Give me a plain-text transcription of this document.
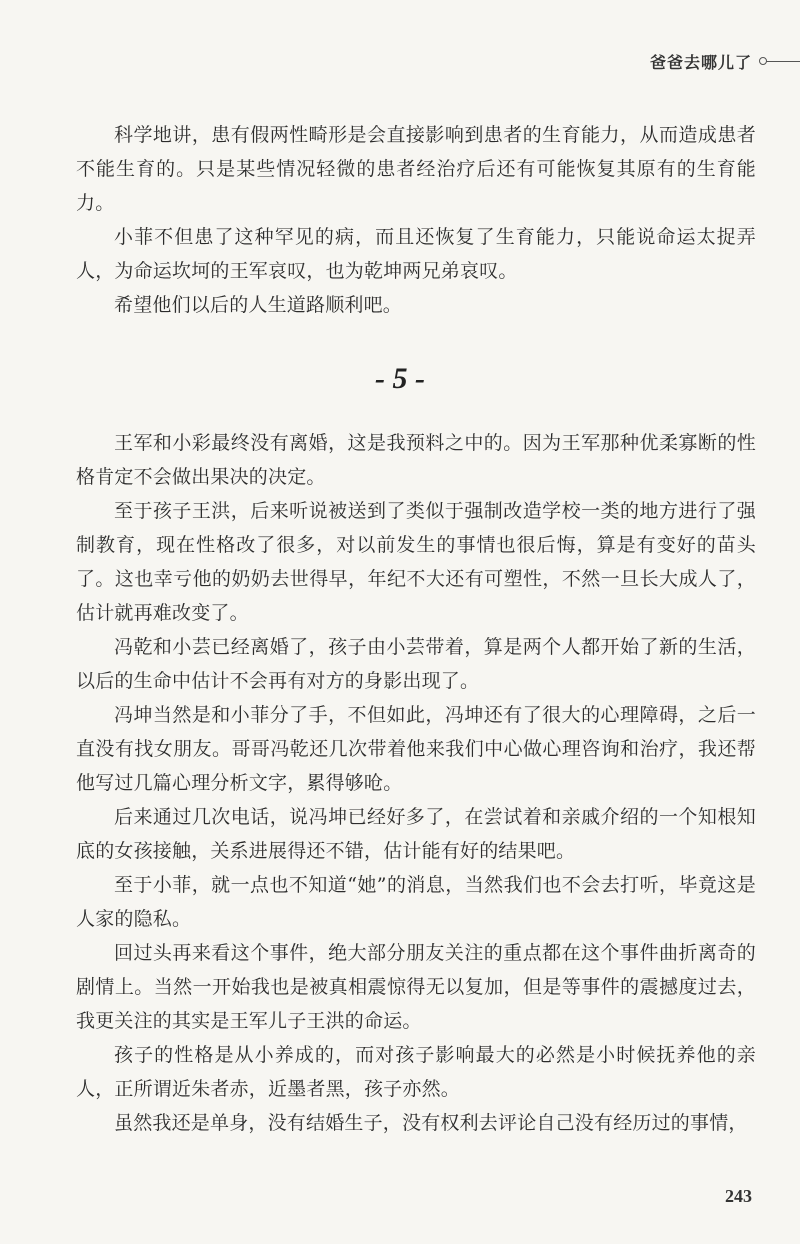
爸爸去哪儿了

科学地讲，患有假两性畸形是会直接影响到患者的生育能力，从而造成患者不能生育的。只是某些情况轻微的患者经治疗后还有可能恢复其原有的生育能力。

小菲不但患了这种罕见的病，而且还恢复了生育能力，只能说命运太捉弄人，为命运坎坷的王军哀叹，也为乾坤两兄弟哀叹。

希望他们以后的人生道路顺利吧。

- 5 -

王军和小彩最终没有离婚，这是我预料之中的。因为王军那种优柔寡断的性格肯定不会做出果决的决定。

至于孩子王洪，后来听说被送到了类似于强制改造学校一类的地方进行了强制教育，现在性格改了很多，对以前发生的事情也很后悔，算是有变好的苗头了。这也幸亏他的奶奶去世得早，年纪不大还有可塑性，不然一旦长大成人了，估计就再难改变了。

冯乾和小芸已经离婚了，孩子由小芸带着，算是两个人都开始了新的生活，以后的生命中估计不会再有对方的身影出现了。

冯坤当然是和小菲分了手，不但如此，冯坤还有了很大的心理障碍，之后一直没有找女朋友。哥哥冯乾还几次带着他来我们中心做心理咨询和治疗，我还帮他写过几篇心理分析文字，累得够呛。

后来通过几次电话，说冯坤已经好多了，在尝试着和亲戚介绍的一个知根知底的女孩接触，关系进展得还不错，估计能有好的结果吧。

至于小菲，就一点也不知道“她”的消息，当然我们也不会去打听，毕竟这是人家的隐私。

回过头再来看这个事件，绝大部分朋友关注的重点都在这个事件曲折离奇的剧情上。当然一开始我也是被真相震惊得无以复加，但是等事件的震撼度过去，我更关注的其实是王军儿子王洪的命运。

孩子的性格是从小养成的，而对孩子影响最大的必然是小时候抚养他的亲人，正所谓近朱者赤，近墨者黑，孩子亦然。

虽然我还是单身，没有结婚生子，没有权利去评论自己没有经历过的事情，

243
